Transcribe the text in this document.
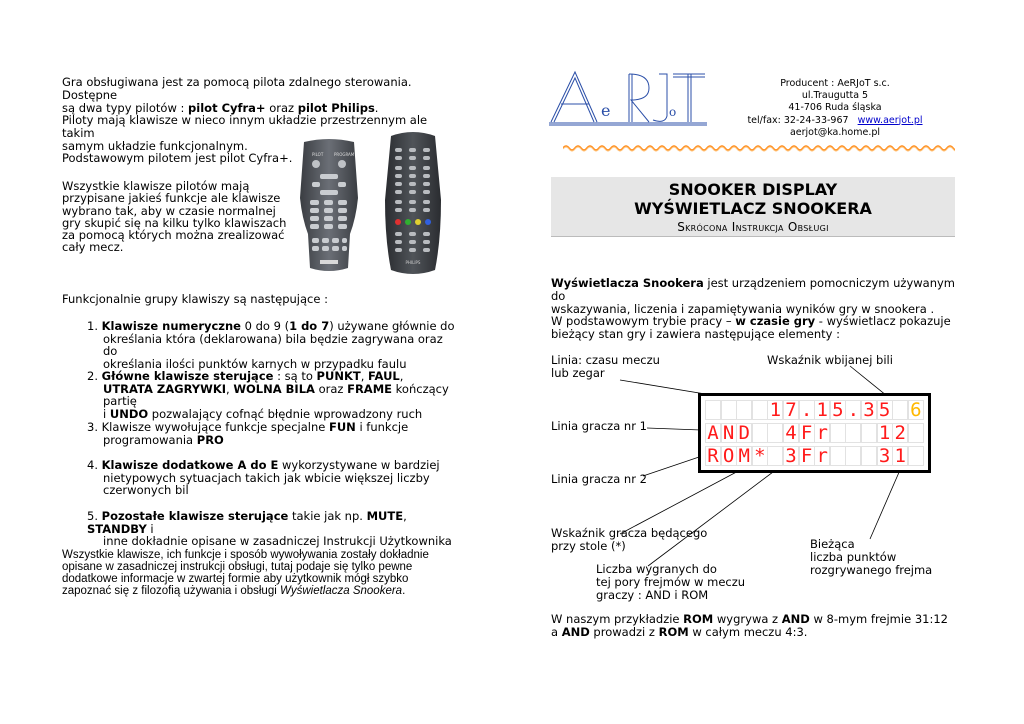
Gra obsługiwana jest za pomocą pilota zdalnego sterowania. Dostępne
są dwa typy pilotów : pilot Cyfra+ oraz pilot Philips.
Piloty mają klawisze w nieco innym układzie przestrzennym ale takim
samym układzie funkcjonalnym.
Podstawowym pilotem jest pilot Cyfra+.
Wszystkie klawisze pilotów mają
przypisane jakieś funkcje ale klawisze
wybrano tak, aby w czasie normalnej
gry skupić się na kilku tylko klawiszach
za pomocą których można zrealizować
cały mecz.
PILOT	PROGRAM
PHILIPS
Funkcjonalnie grupy klawiszy są następujące :
1. Klawisze numeryczne 0 do 9 (1 do 7) używane głównie do
określania która (deklarowana) bila będzie zagrywana oraz do
określania ilości punktów karnych w przypadku faulu
2. Główne klawisze sterujące : są to PUNKT, FAUL,
UTRATA ZAGRYWKI, WOLNA BILA oraz FRAME kończący partię
i UNDO pozwalający cofnąć błędnie wprowadzony ruch
3. Klawisze wywołujące funkcje specjalne FUN i funkcje
programowania PRO
4. Klawisze dodatkowe A do E wykorzystywane w bardziej
nietypowych sytuacjach takich jak wbicie większej liczby
czerwonych bil
5. Pozostałe klawisze sterujące takie jak np. MUTE, STANDBY i
inne dokładnie opisane w zasadniczej Instrukcji Użytkownika
Wszystkie klawisze, ich funkcje i sposób wywoływania zostały dokładnie
opisane w zasadniczej instrukcji obsługi, tutaj podaje się tylko pewne
dodatkowe informacje w zwartej formie aby użytkownik mógł szybko
zapoznać się z filozofią używania i obsługi Wyświetlacza Snookera.
e	o
Producent : AeRJoT s.c.
ul.Traugutta 5
41-706 Ruda śląska
tel/fax: 32-24-33-967 www.aerjot.pl
aerjot@ka.home.pl
SNOOKER DISPLAY
WYŚWIETLACZ SNOOKERA
Skrócona Instrukcja Obsługi
Wyświetlacza Snookera jest urządzeniem pomocniczym używanym do
wskazywania, liczenia i zapamiętywania wyników gry w snookera .
W podstawowym trybie pracy – w czasie gry - wyświetlacz pokazuje
bieżący stan gry i zawiera następujące elementy :
Linia: czasu meczu
lub zegar
Wskaźnik wbijanej bili
Linia gracza nr 1
Linia gracza nr 2
Wskaźnik gracza będącego
przy stole (*)
Liczba wygranych do
tej pory frejmów w meczu
graczy : AND i ROM
Bieżąca
liczba punktów
rozgrywanego frejma
1 7 . 1 5 . 3 5 6
A N D 4 F r	1 2
R O M * 3 F r	3 1
W naszym przykładzie ROM wygrywa z AND w 8-mym frejmie 31:12
a AND prowadzi z ROM w całym meczu 4:3.
